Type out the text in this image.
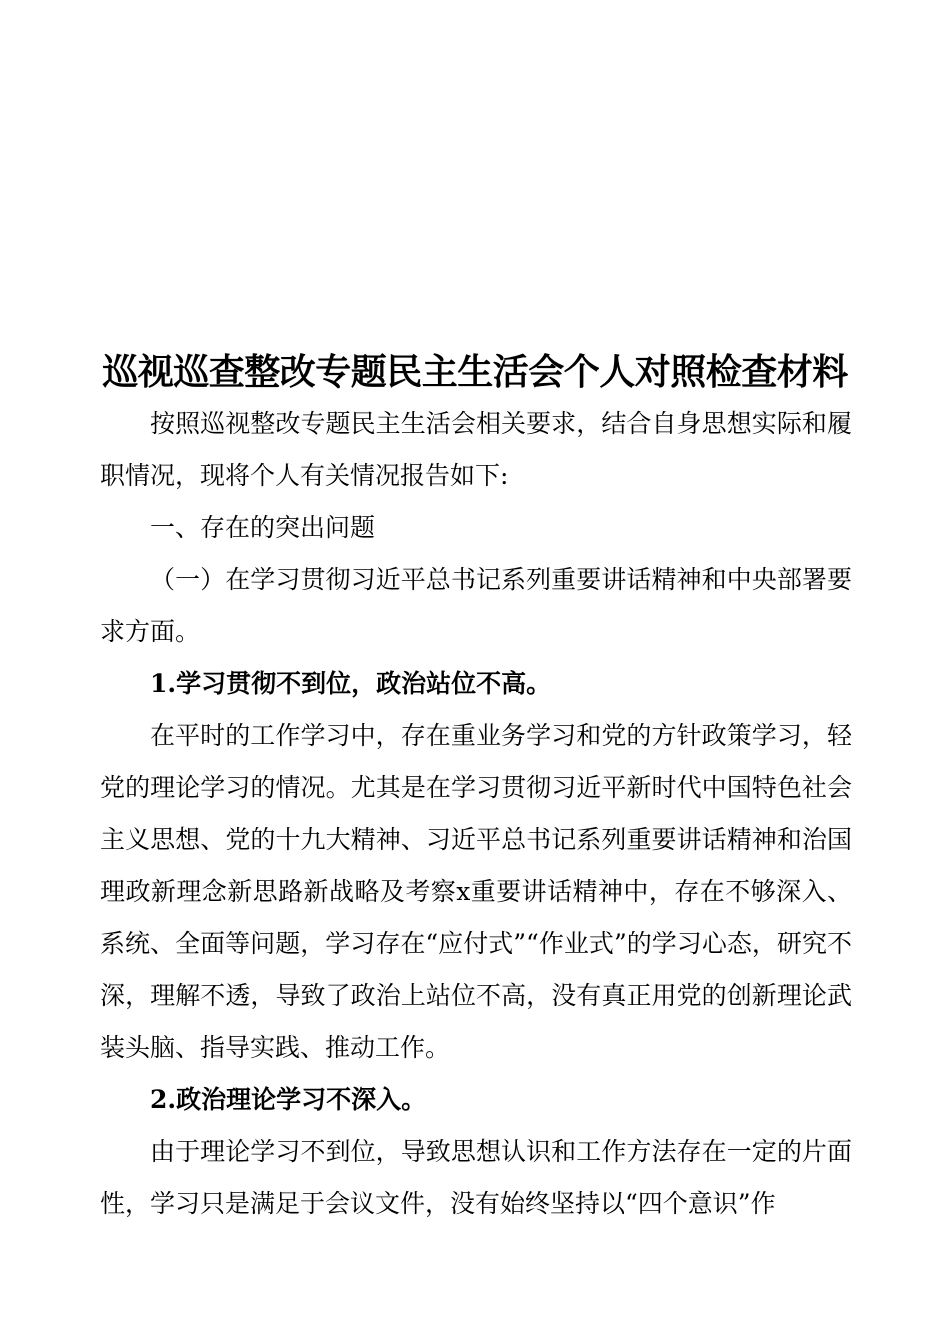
巡视巡查整改专题民主生活会个人对照检查材料

按照巡视整改专题民主生活会相关要求，结合自身思想实际和履职情况，现将个人有关情况报告如下:

一、存在的突出问题

（一）在学习贯彻习近平总书记系列重要讲话精神和中央部署要求方面。

1.学习贯彻不到位，政治站位不高。

在平时的工作学习中，存在重业务学习和党的方针政策学习，轻党的理论学习的情况。尤其是在学习贯彻习近平新时代中国特色社会主义思想、党的十九大精神、习近平总书记系列重要讲话精神和治国理政新理念新思路新战略及考察x重要讲话精神中，存在不够深入、系统、全面等问题，学习存在“应付式”“作业式”的学习心态，研究不深，理解不透，导致了政治上站位不高，没有真正用党的创新理论武装头脑、指导实践、推动工作。

2.政治理论学习不深入。

由于理论学习不到位，导致思想认识和工作方法存在一定的片面性，学习只是满足于会议文件，没有始终坚持以“四个意识”作
